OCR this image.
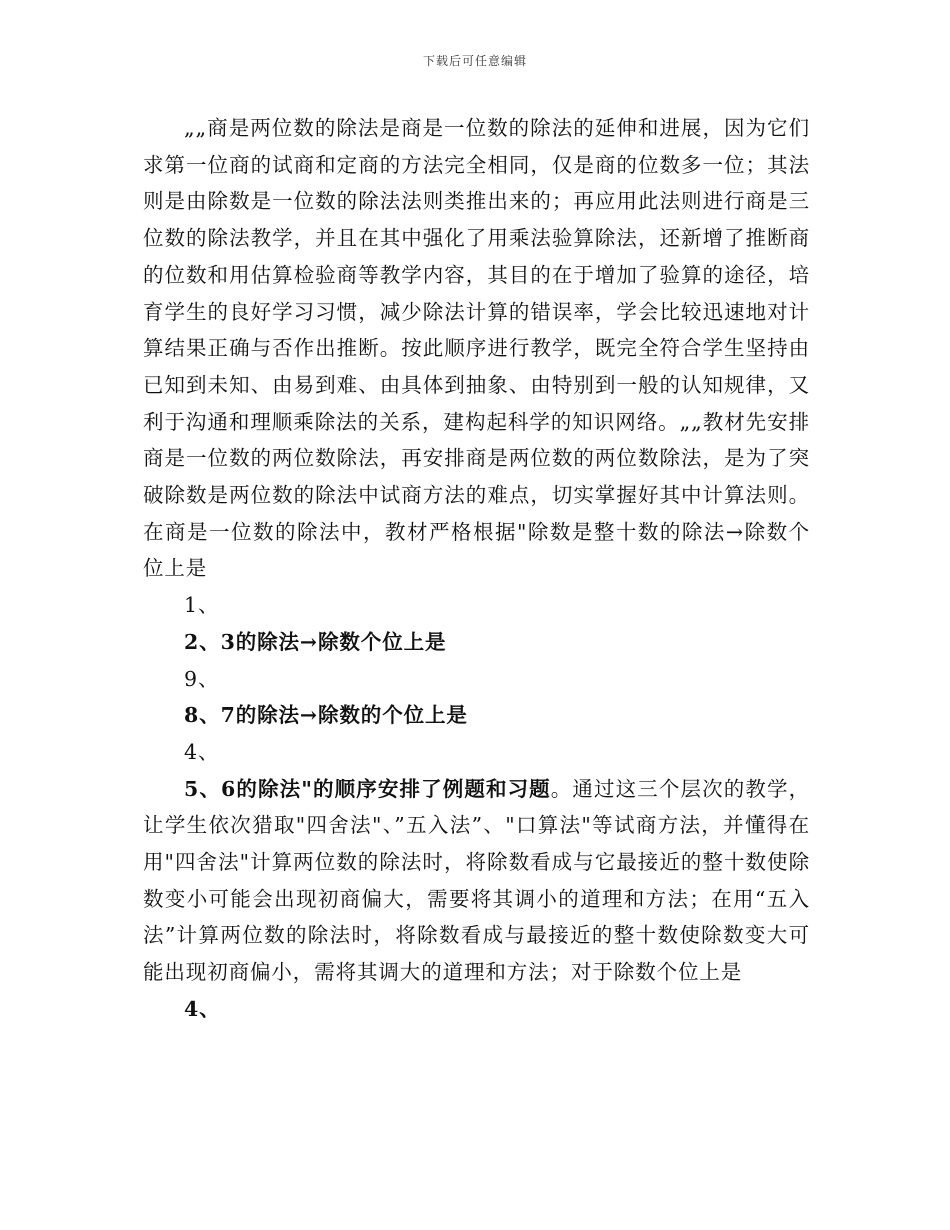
下载后可任意编辑

„„商是两位数的除法是商是一位数的除法的延伸和进展，因为它们求第一位商的试商和定商的方法完全相同，仅是商的位数多一位；其法则是由除数是一位数的除法法则类推出来的；再应用此法则进行商是三位数的除法教学，并且在其中强化了用乘法验算除法，还新增了推断商的位数和用估算检验商等教学内容，其目的在于增加了验算的途径，培育学生的良好学习习惯，减少除法计算的错误率，学会比较迅速地对计算结果正确与否作出推断。按此顺序进行教学，既完全符合学生坚持由已知到未知、由易到难、由具体到抽象、由特别到一般的认知规律，又利于沟通和理顺乘除法的关系，建构起科学的知识网络。„„教材先安排商是一位数的两位数除法，再安排商是两位数的两位数除法，是为了突破除数是两位数的除法中试商方法的难点，切实掌握好其中计算法则。在商是一位数的除法中，教材严格根据"除数是整十数的除法→除数个位上是

1、

2、3的除法→除数个位上是

9、

8、7的除法→除数的个位上是

4、

5、6的除法"的顺序安排了例题和习题。通过这三个层次的教学，让学生依次猎取"四舍法"、”五入法”、"口算法"等试商方法，并懂得在用"四舍法"计算两位数的除法时，将除数看成与它最接近的整十数使除数变小可能会出现初商偏大，需要将其调小的道理和方法；在用“五入法”计算两位数的除法时，将除数看成与最接近的整十数使除数变大可能出现初商偏小，需将其调大的道理和方法；对于除数个位上是

4、
